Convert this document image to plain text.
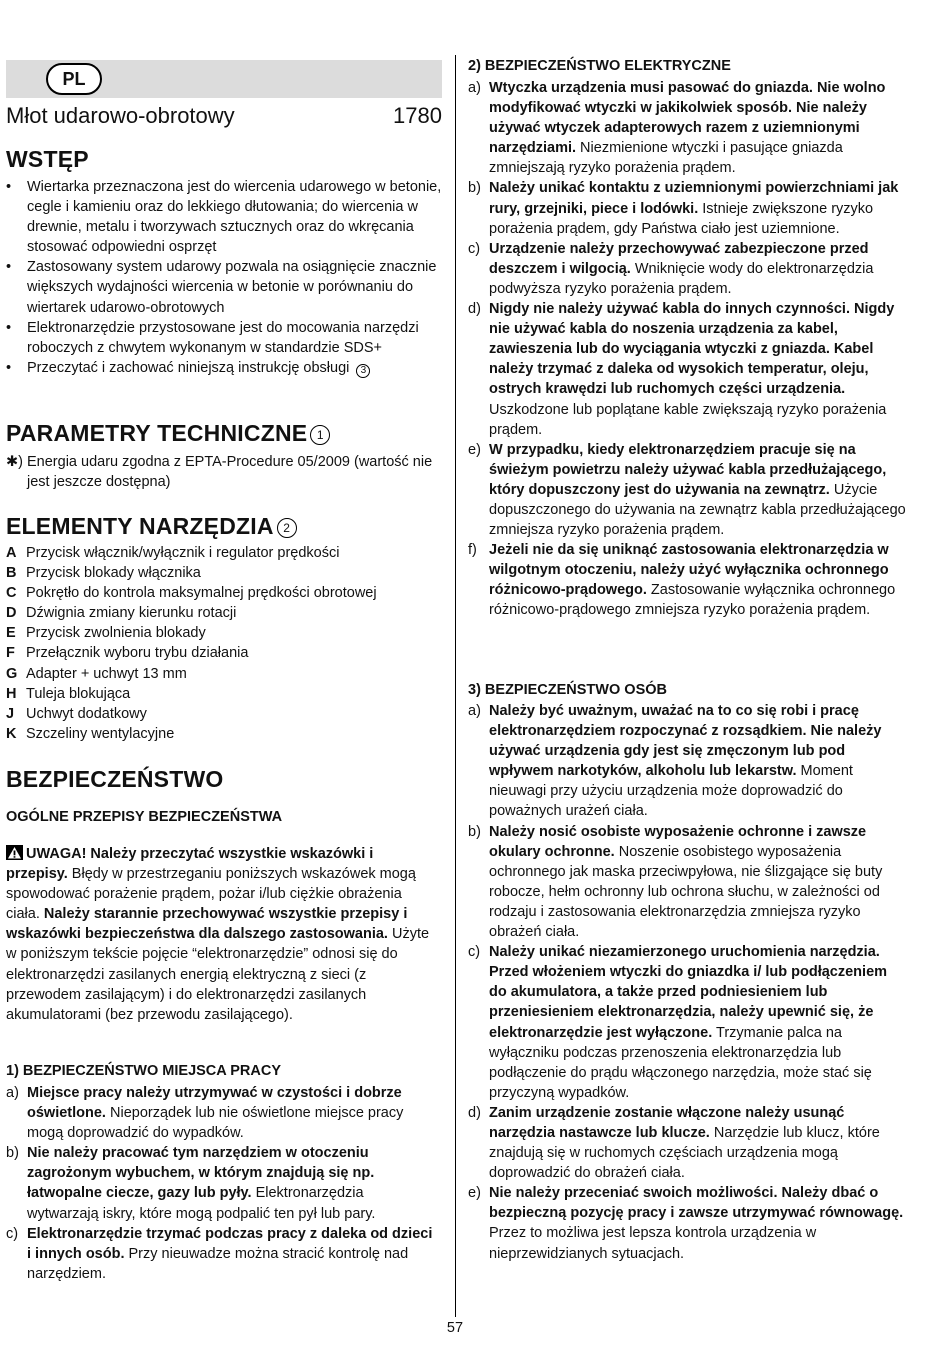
PL
Młot udarowo-obrotowy	1780
WSTĘP
• Wiertarka przeznaczona jest do wiercenia udarowego w betonie, cegle i kamieniu oraz do lekkiego dłutowania; do wiercenia w drewnie, metalu i tworzywach sztucznych oraz do wkręcania stosować odpowiedni osprzęt
• Zastosowany system udarowy pozwala na osiągnięcie znacznie większych wydajności wiercenia w betonie w porównaniu do wiertarek udarowo-obrotowych
• Elektronarzędzie przystosowane jest do mocowania narzędzi roboczych z chwytem wykonanym w standardzie SDS+
• Przeczytać i zachować niniejszą instrukcję obsługi 3
PARAMETRY TECHNICZNE 1
✱) Energia udaru zgodna z EPTA-Procedure 05/2009 (wartość nie jest jeszcze dostępna)
ELEMENTY NARZĘDZIA 2
A Przycisk włącznik/wyłącznik i regulator prędkości
B Przycisk blokady włącznika
C Pokrętło do kontrola maksymalnej prędkości obrotowej
D Dźwignia zmiany kierunku rotacji
E Przycisk zwolnienia blokady
F Przełącznik wyboru trybu działania
G Adapter + uchwyt 13 mm
H Tuleja blokująca
J Uchwyt dodatkowy
K Szczeliny wentylacyjne
BEZPIECZEŃSTWO
OGÓLNE PRZEPISY BEZPIECZEŃSTWA
UWAGA! Należy przeczytać wszystkie wskazówki i przepisy. Błędy w przestrzeganiu poniższych wskazówek mogą spowodować porażenie prądem, pożar i/lub ciężkie obrażenia ciała. Należy starannie przechowywać wszystkie przepisy i wskazówki bezpieczeństwa dla dalszego zastosowania. Użyte w poniższym tekście pojęcie “elektronarzędzie” odnosi się do elektronarzędzi zasilanych energią elektryczną z sieci (z przewodem zasilającym) i do elektronarzędzi zasilanych akumulatorami (bez przewodu zasilającego).
1) BEZPIECZEŃSTWO MIEJSCA PRACY
a) Miejsce pracy należy utrzymywać w czystości i dobrze oświetlone. Nieporządek lub nie oświetlone miejsce pracy mogą doprowadzić do wypadków.
b) Nie należy pracować tym narzędziem w otoczeniu zagrożonym wybuchem, w którym znajdują się np. łatwopalne ciecze, gazy lub pyły. Elektronarzędzia wytwarzają iskry, które mogą podpalić ten pył lub pary.
c) Elektronarzędzie trzymać podczas pracy z daleka od dzieci i innych osób. Przy nieuwadze można stracić kontrolę nad narzędziem.
2) BEZPIECZEŃSTWO ELEKTRYCZNE
a) Wtyczka urządzenia musi pasować do gniazda. Nie wolno modyfikować wtyczki w jakikolwiek sposób. Nie należy używać wtyczek adapterowych razem z uziemnionymi narzędziami. Niezmienione wtyczki i pasujące gniazda zmniejszają ryzyko porażenia prądem.
b) Należy unikać kontaktu z uziemnionymi powierzchniami jak rury, grzejniki, piece i lodówki. Istnieje zwiększone ryzyko porażenia prądem, gdy Państwa ciało jest uziemnione.
c) Urządzenie należy przechowywać zabezpieczone przed deszczem i wilgocią. Wniknięcie wody do elektronarzędzia podwyższa ryzyko porażenia prądem.
d) Nigdy nie należy używać kabla do innych czynności. Nigdy nie używać kabla do noszenia urządzenia za kabel, zawieszenia lub do wyciągania wtyczki z gniazda. Kabel należy trzymać z daleka od wysokich temperatur, oleju, ostrych krawędzi lub ruchomych części urządzenia. Uszkodzone lub poplątane kable zwiększają ryzyko porażenia prądem.
e) W przypadku, kiedy elektronarzędziem pracuje się na świeżym powietrzu należy używać kabla przedłużającego, który dopuszczony jest do używania na zewnątrz. Użycie dopuszczonego do używania na zewnątrz kabla przedłużającego zmniejsza ryzyko porażenia prądem.
f) Jeżeli nie da się uniknąć zastosowania elektronarzędzia w wilgotnym otoczeniu, należy użyć wyłącznika ochronnego różnicowo-prądowego. Zastosowanie wyłącznika ochronnego różnicowo-prądowego zmniejsza ryzyko porażenia prądem.
3) BEZPIECZEŃSTWO OSÓB
a) Należy być uważnym, uważać na to co się robi i pracę elektronarzędziem rozpoczynać z rozsądkiem. Nie należy używać urządzenia gdy jest się zmęczonym lub pod wpływem narkotyków, alkoholu lub lekarstw. Moment nieuwagi przy użyciu urządzenia może doprowadzić do poważnych urażeń ciała.
b) Należy nosić osobiste wyposażenie ochronne i zawsze okulary ochronne. Noszenie osobistego wyposażenia ochronnego jak maska przeciwpyłowa, nie ślizgające się buty robocze, hełm ochronny lub ochrona słuchu, w zależności od rodzaju i zastosowania elektronarzędzia zmniejsza ryzyko obrażeń ciała.
c) Należy unikać niezamierzonego uruchomienia narzędzia. Przed włożeniem wtyczki do gniazdka i/ lub podłączeniem do akumulatora, a także przed podniesieniem lub przeniesieniem elektronarzędzia, należy upewnić się, że elektronarzędzie jest wyłączone. Trzymanie palca na wyłączniku podczas przenoszenia elektronarzędzia lub podłączenie do prądu włączonego narzędzia, może stać się przyczyną wypadków.
d) Zanim urządzenie zostanie włączone należy usunąć narzędzia nastawcze lub klucze. Narzędzie lub klucz, które znajdują się w ruchomych częściach urządzenia mogą doprowadzić do obrażeń ciała.
e) Nie należy przeceniać swoich możliwości. Należy dbać o bezpieczną pozycję pracy i zawsze utrzymywać równowagę. Przez to możliwa jest lepsza kontrola urządzenia w nieprzewidzianych sytuacjach.
57
